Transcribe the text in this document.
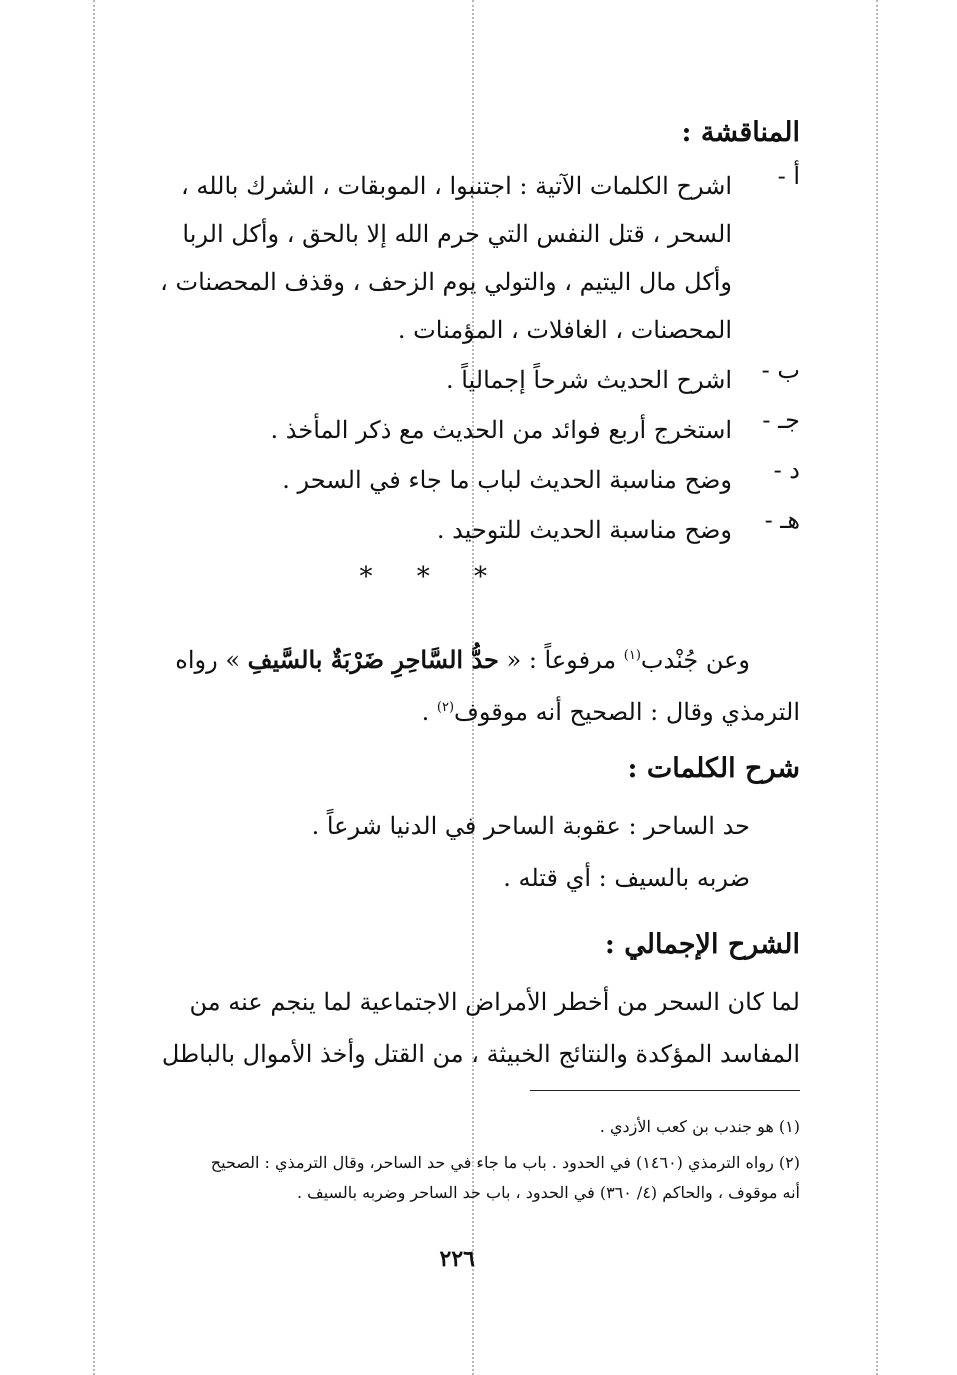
المناقشة :
أ -
اشرح الكلمات الآتية : اجتنبوا ، الموبقات ، الشرك بالله ،
السحر ، قتل النفس التي حرم الله إلا بالحق ، وأكل الربا
وأكل مال اليتيم ، والتولي يوم الزحف ، وقذف المحصنات ،
المحصنات ، الغافلات ، المؤمنات .
ب -
اشرح الحديث شرحاً إجمالياً .
جـ -
استخرج أربع فوائد من الحديث مع ذكر المأخذ .
د -
وضح مناسبة الحديث لباب ما جاء في السحر .
هـ -
وضح مناسبة الحديث للتوحيد .
* * *
وعن جُنْدب$^{(١)}$ مرفوعاً : « حدُّ السَّاحِرِ ضَرْبَةٌ بالسَّيفِ » رواه
الترمذي وقال : الصحيح أنه موقوف$^{(٢)}$ .
شرح الكلمات :
حد الساحر : عقوبة الساحر في الدنيا شرعاً .
ضربه بالسيف : أي قتله .
الشرح الإجمالي :
لما كان السحر من أخطر الأمراض الاجتماعية لما ينجم عنه من
المفاسد المؤكدة والنتائج الخبيثة ، من القتل وأخذ الأموال بالباطل
(١) هو جندب بن كعب الأزدي .
(٢) رواه الترمذي (١٤٦٠) في الحدود . باب ما جاء في حد الساحر، وقال الترمذي : الصحيح
أنه موقوف ، والحاكم (٤/ ٣٦٠) في الحدود ، باب حد الساحر وضربه بالسيف .
٢٢٦
